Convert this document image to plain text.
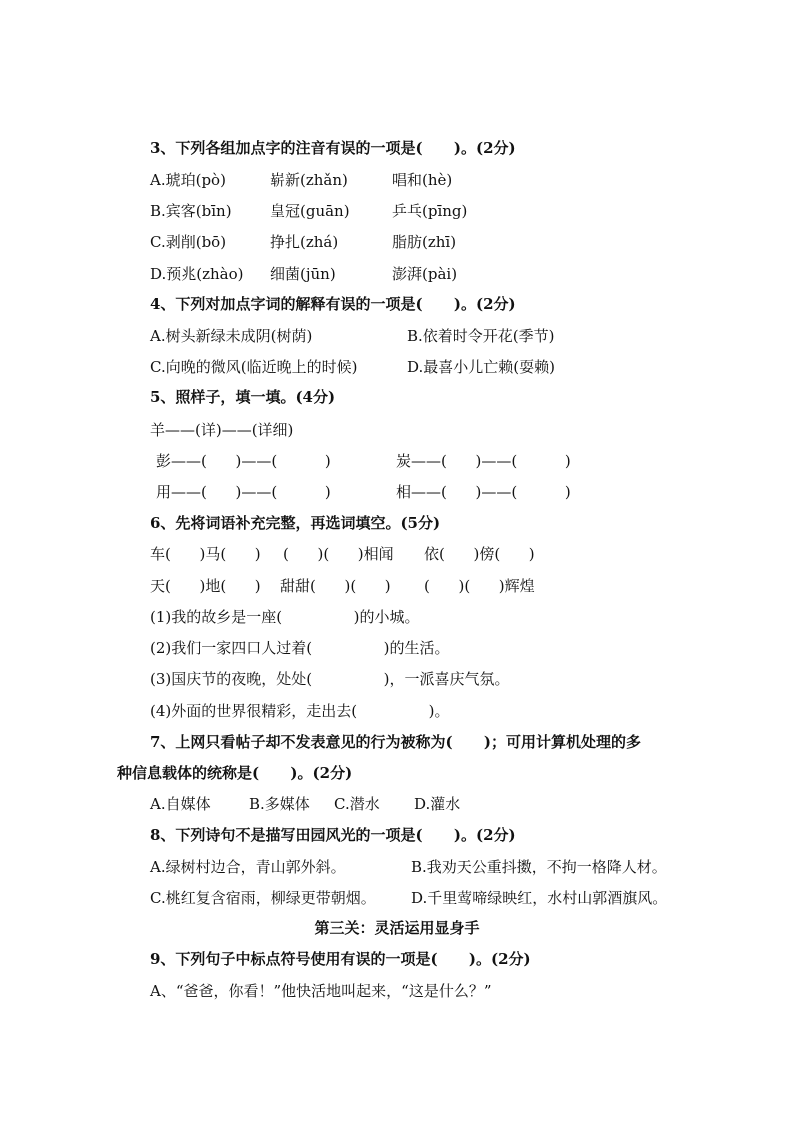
3、下列各组加点字的注音有误的一项是(      )。(2分)
A.琥珀(pò)	崭新(zhǎn)	唱和(hè)
B.宾客(bīn)	皇冠(guān)	乒乓(pīng)
C.剥削(bō)	挣扎(zhá)	脂肪(zhī)
D.预兆(zhào) 细菌(jūn)	澎湃(pài)
4、下列对加点字词的解释有误的一项是(      )。(2分)
A.树头新绿未成阴(树荫)	B.依着时令开花(季节)
C.向晚的微风(临近晚上的时候)	D.最喜小儿亡赖(耍赖)
5、照样子，填一填。(4分)
羊——(详)——(详细)
彭——(      )——(          )	炭——(      )——(          )
用——(      )——(          )	相——(      )——(          )
6、先将词语补充完整，再选词填空。(5分)
车(      )马(      ) (      )(      )相闻 依(      )傍(      )
天(      )地(      ) 甜甜(      )(      ) (      )(      )辉煌
(1)我的故乡是一座(               )的小城。
(2)我们一家四口人过着(               )的生活。
(3)国庆节的夜晚，处处(               )，一派喜庆气氛。
(4)外面的世界很精彩，走出去(               )。
7、上网只看帖子却不发表意见的行为被称为(      )；可用计算机处理的多
种信息载体的统称是(      )。(2分)
A.自媒体	B.多媒体 C.潜水 D.灌水
8、下列诗句不是描写田园风光的一项是(      )。(2分)
A.绿树村边合，青山郭外斜。	B.我劝天公重抖擞，不拘一格降人材。
C.桃红复含宿雨，柳绿更带朝烟。 D.千里莺啼绿映红，水村山郭酒旗风。
第三关：灵活运用显身手
9、下列句子中标点符号使用有误的一项是(      )。(2分)
A、“爸爸，你看！”他快活地叫起来，“这是什么？”
